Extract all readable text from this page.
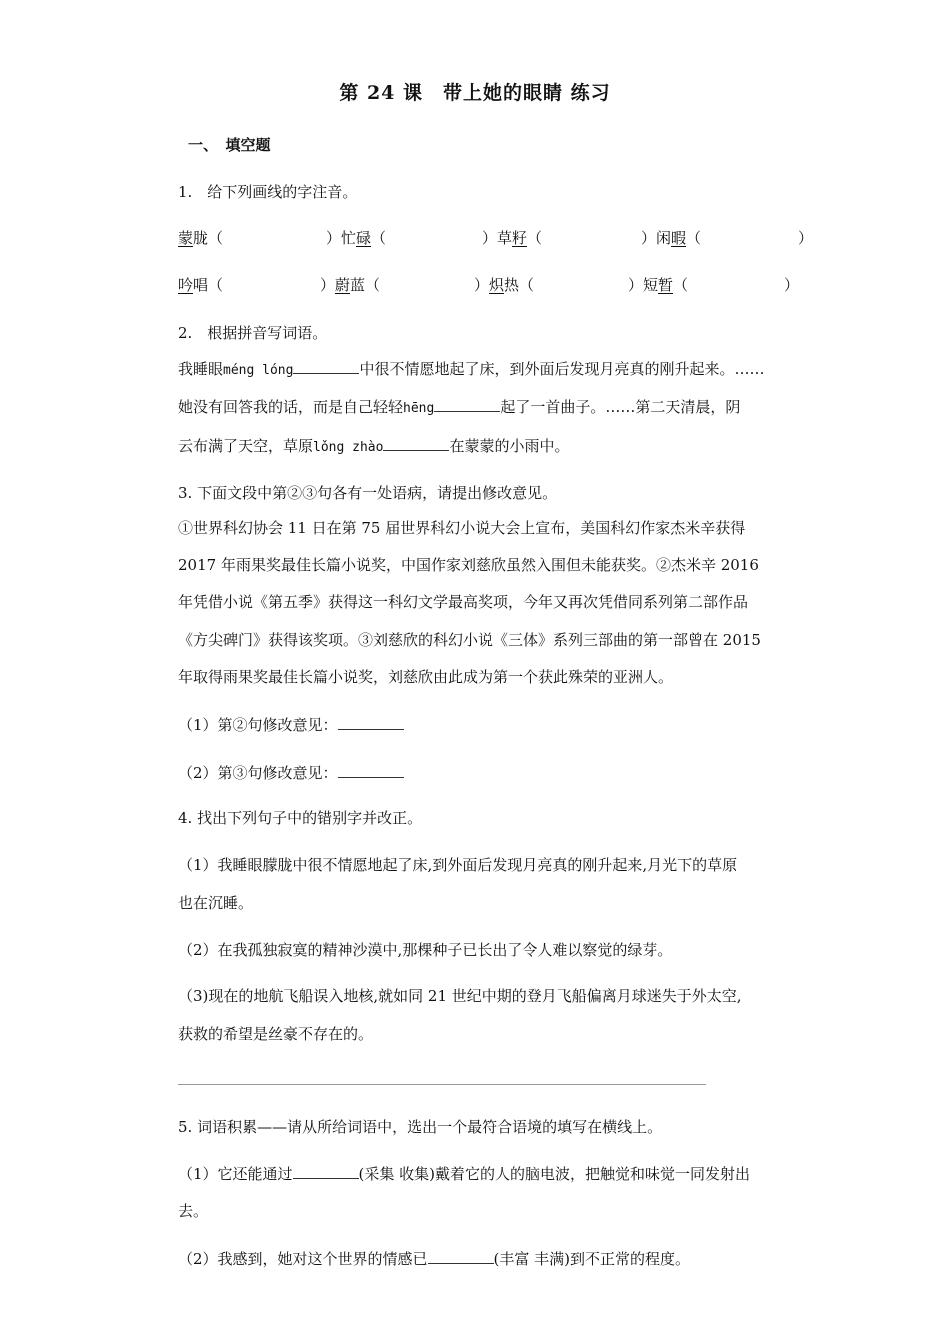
第 24 课　带上她的眼睛 练习
一、　填空题
1.　给下列画线的字注音。
蒙胧（	）忙碌（	）草籽（	）闲暇（	）
吟唱（	）蔚蓝（	）炽热（	）短暂（	）
2.　根据拼音写词语。
我睡眼méng lóng	中很不情愿地起了床，到外面后发现月亮真的刚升起来。……
她没有回答我的话，而是自己轻轻hēng	起了一首曲子。……第二天清晨，阴
云布满了天空，草原lǒng zhào	在蒙蒙的小雨中。
3. 下面文段中第②③句各有一处语病，请提出修改意见。
①世界科幻协会 11 日在第 75 届世界科幻小说大会上宣布，美国科幻作家杰米辛获得
2017 年雨果奖最佳长篇小说奖，中国作家刘慈欣虽然入围但未能获奖。②杰米辛 2016
年凭借小说《第五季》获得这一科幻文学最高奖项，今年又再次凭借同系列第二部作品
《方尖碑门》获得该奖项。③刘慈欣的科幻小说《三体》系列三部曲的第一部曾在 2015
年取得雨果奖最佳长篇小说奖，刘慈欣由此成为第一个获此殊荣的亚洲人。
（1）第②句修改意见：
（2）第③句修改意见：
4. 找出下列句子中的错别字并改正。
（1）我睡眼朦胧中很不情愿地起了床,到外面后发现月亮真的刚升起来,月光下的草原
也在沉睡。
（2）在我孤独寂寞的精神沙漠中,那棵种子已长出了令人难以察觉的绿芽。
（3)现在的地航飞船误入地核,就如同 21 世纪中期的登月飞船偏离月球迷失于外太空,
获救的希望是丝豪不存在的。
5. 词语积累——请从所给词语中，选出一个最符合语境的填写在横线上。
（1）它还能通过	(采集 收集)戴着它的人的脑电波，把触觉和味觉一同发射出
去。
（2）我感到，她对这个世界的情感已	(丰富 丰满)到不正常的程度。
